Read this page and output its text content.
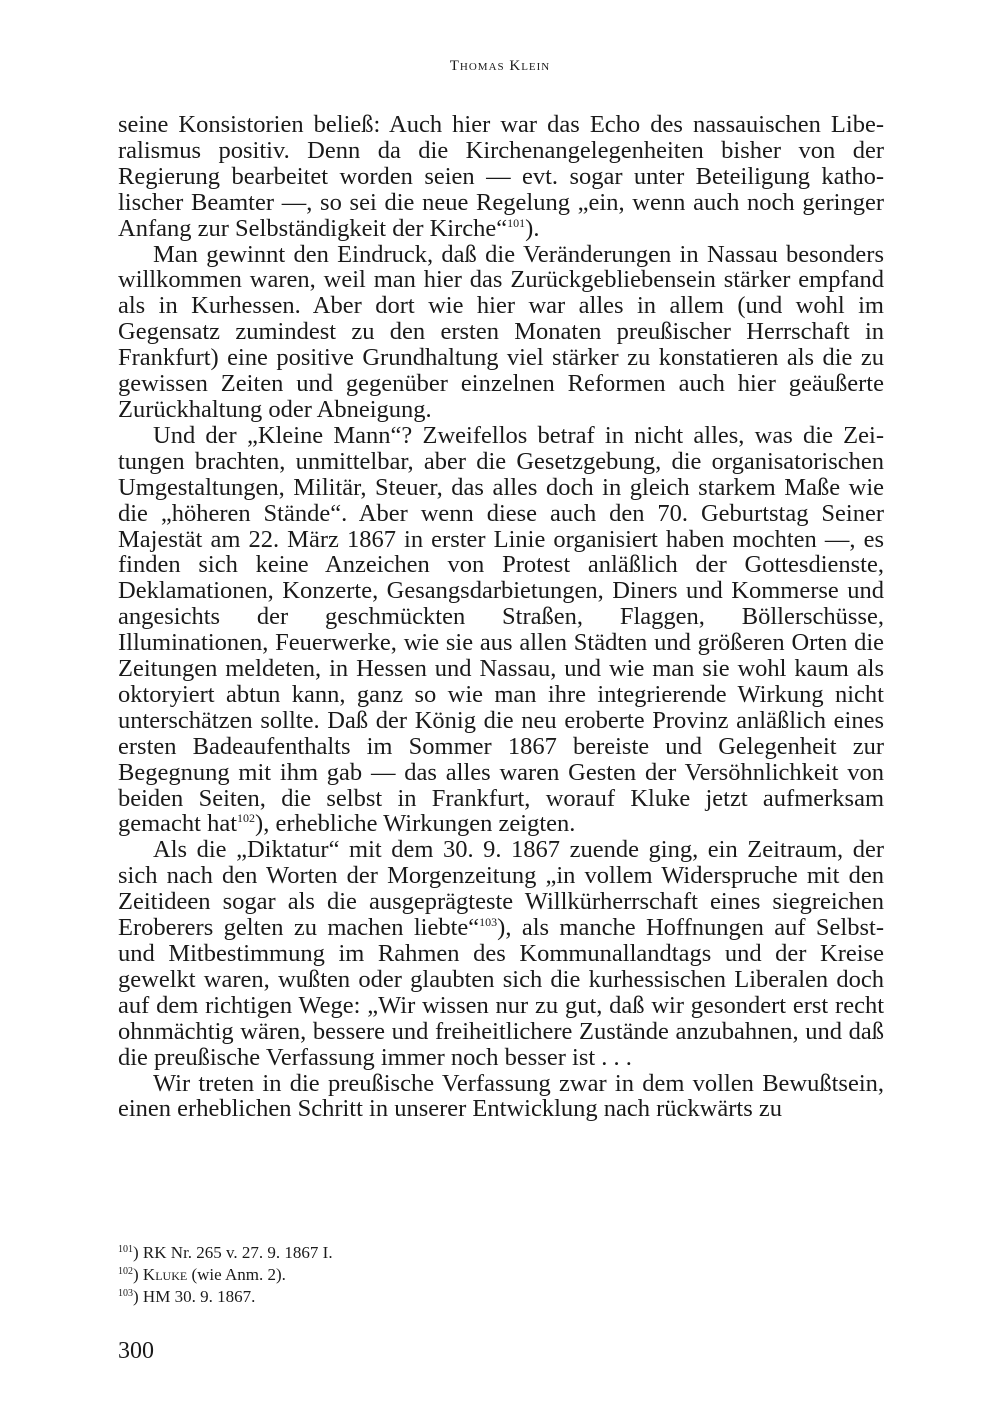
Thomas Klein

seine Konsistorien beließ: Auch hier war das Echo des nassauischen Liberalismus positiv. Denn da die Kirchenangelegenheiten bisher von der Regierung bearbeitet worden seien — evt. sogar unter Beteiligung katholischer Beamter —, so sei die neue Regelung „ein, wenn auch noch geringer Anfang zur Selbständigkeit der Kirche“$^{101}$).

Man gewinnt den Eindruck, daß die Veränderungen in Nassau besonders willkommen waren, weil man hier das Zurückgebliebensein stärker empfand als in Kurhessen. Aber dort wie hier war alles in allem (und wohl im Gegensatz zumindest zu den ersten Monaten preußischer Herrschaft in Frankfurt) eine positive Grundhaltung viel stärker zu konstatieren als die zu gewissen Zeiten und gegenüber einzelnen Reformen auch hier geäußerte Zurückhaltung oder Abneigung.

Und der „Kleine Mann“? Zweifellos betraf in nicht alles, was die Zeitungen brachten, unmittelbar, aber die Gesetzgebung, die organisatorischen Umgestaltungen, Militär, Steuer, das alles doch in gleich starkem Maße wie die „höheren Stände“. Aber wenn diese auch den 70. Geburtstag Seiner Majestät am 22. März 1867 in erster Linie organisiert haben mochten —, es finden sich keine Anzeichen von Protest anläßlich der Gottesdienste, Deklamationen, Konzerte, Gesangsdarbietungen, Diners und Kommerse und angesichts der geschmückten Straßen, Flaggen, Böllerschüsse, Illuminationen, Feuerwerke, wie sie aus allen Städten und größeren Orten die Zeitungen meldeten, in Hessen und Nassau, und wie man sie wohl kaum als oktoryiert abtun kann, ganz so wie man ihre integrierende Wirkung nicht unterschätzen sollte. Daß der König die neu eroberte Provinz anläßlich eines ersten Badeaufenthalts im Sommer 1867 bereiste und Gelegenheit zur Begegnung mit ihm gab — das alles waren Gesten der Versöhnlichkeit von beiden Seiten, die selbst in Frankfurt, worauf Kluke jetzt aufmerksam gemacht hat$^{102}$), erhebliche Wirkungen zeigten.

Als die „Diktatur“ mit dem 30. 9. 1867 zuende ging, ein Zeitraum, der sich nach den Worten der Morgenzeitung „in vollem Widerspruche mit den Zeitideen sogar als die ausgeprägteste Willkürherrschaft eines siegreichen Eroberers gelten zu machen liebte“$^{103}$), als manche Hoffnungen auf Selbst- und Mitbestimmung im Rahmen des Kommunallandtags und der Kreise gewelkt waren, wußten oder glaubten sich die kurhessischen Liberalen doch auf dem richtigen Wege: „Wir wissen nur zu gut, daß wir gesondert erst recht ohnmächtig wären, bessere und freiheitlichere Zustände anzubahnen, und daß die preußische Verfassung immer noch besser ist . . .

Wir treten in die preußische Verfassung zwar in dem vollen Bewußtsein, einen erheblichen Schritt in unserer Entwicklung nach rückwärts zu

$^{101}$) RK Nr. 265 v. 27. 9. 1867 I.

$^{102}$) Kluke (wie Anm. 2).

$^{103}$) HM 30. 9. 1867.

300
